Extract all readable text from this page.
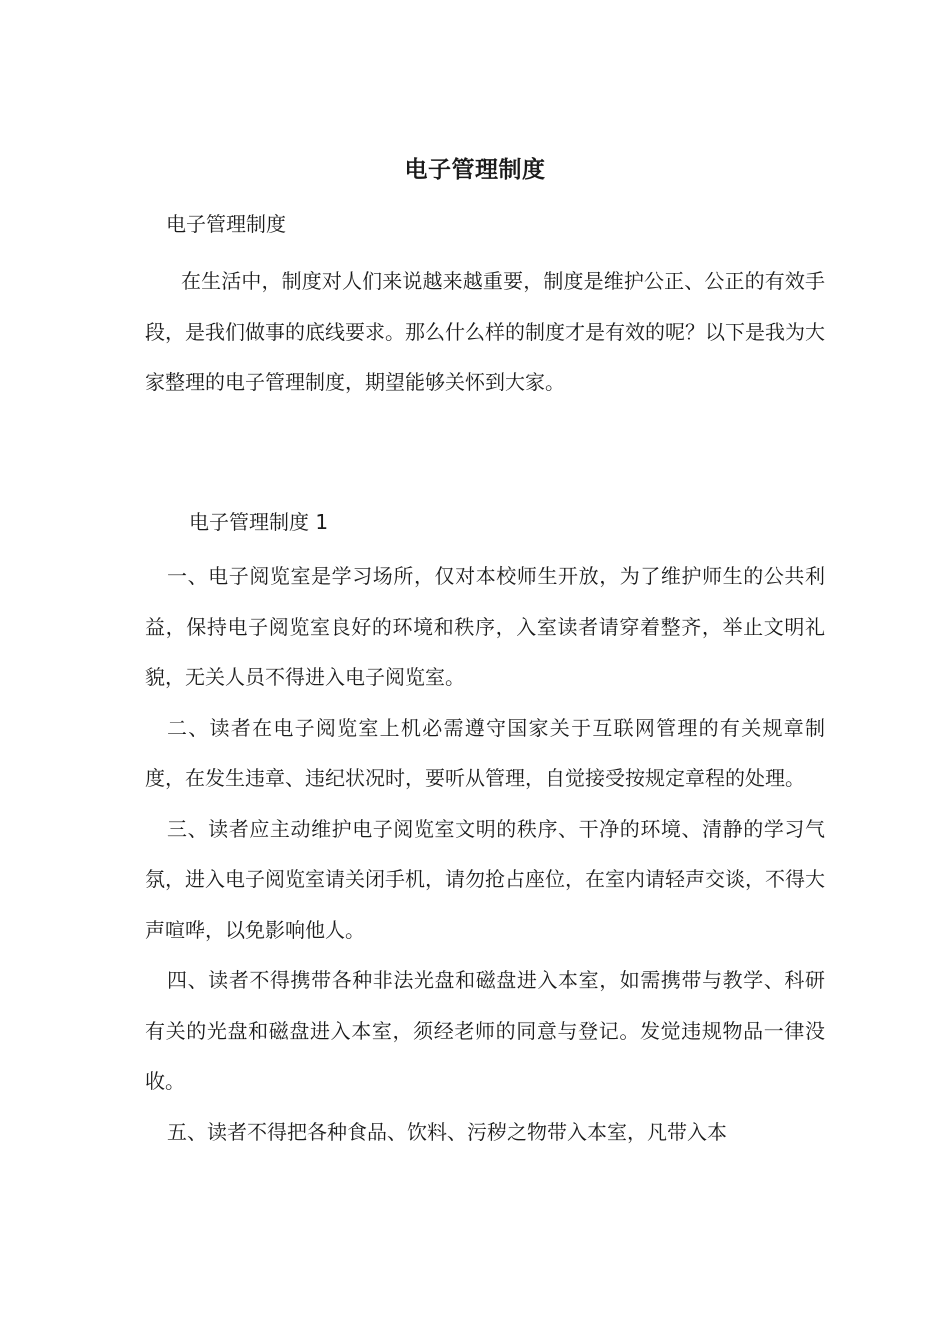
电子管理制度
电子管理制度

在生活中，制度对人们来说越来越重要，制度是维护公正、公正的有效手段，是我们做事的底线要求。那么什么样的制度才是有效的呢？以下是我为大家整理的电子管理制度，期望能够关怀到大家。

电子管理制度 1

一、电子阅览室是学习场所，仅对本校师生开放，为了维护师生的公共利益，保持电子阅览室良好的环境和秩序，入室读者请穿着整齐，举止文明礼貌，无关人员不得进入电子阅览室。

二、读者在电子阅览室上机必需遵守国家关于互联网管理的有关规章制度，在发生违章、违纪状况时，要听从管理，自觉接受按规定章程的处理。

三、读者应主动维护电子阅览室文明的秩序、干净的环境、清静的学习气氛，进入电子阅览室请关闭手机，请勿抢占座位，在室内请轻声交谈，不得大声喧哗，以免影响他人。

四、读者不得携带各种非法光盘和磁盘进入本室，如需携带与教学、科研有关的光盘和磁盘进入本室，须经老师的同意与登记。发觉违规物品一律没收。

五、读者不得把各种食品、饮料、污秽之物带入本室，凡带入本
